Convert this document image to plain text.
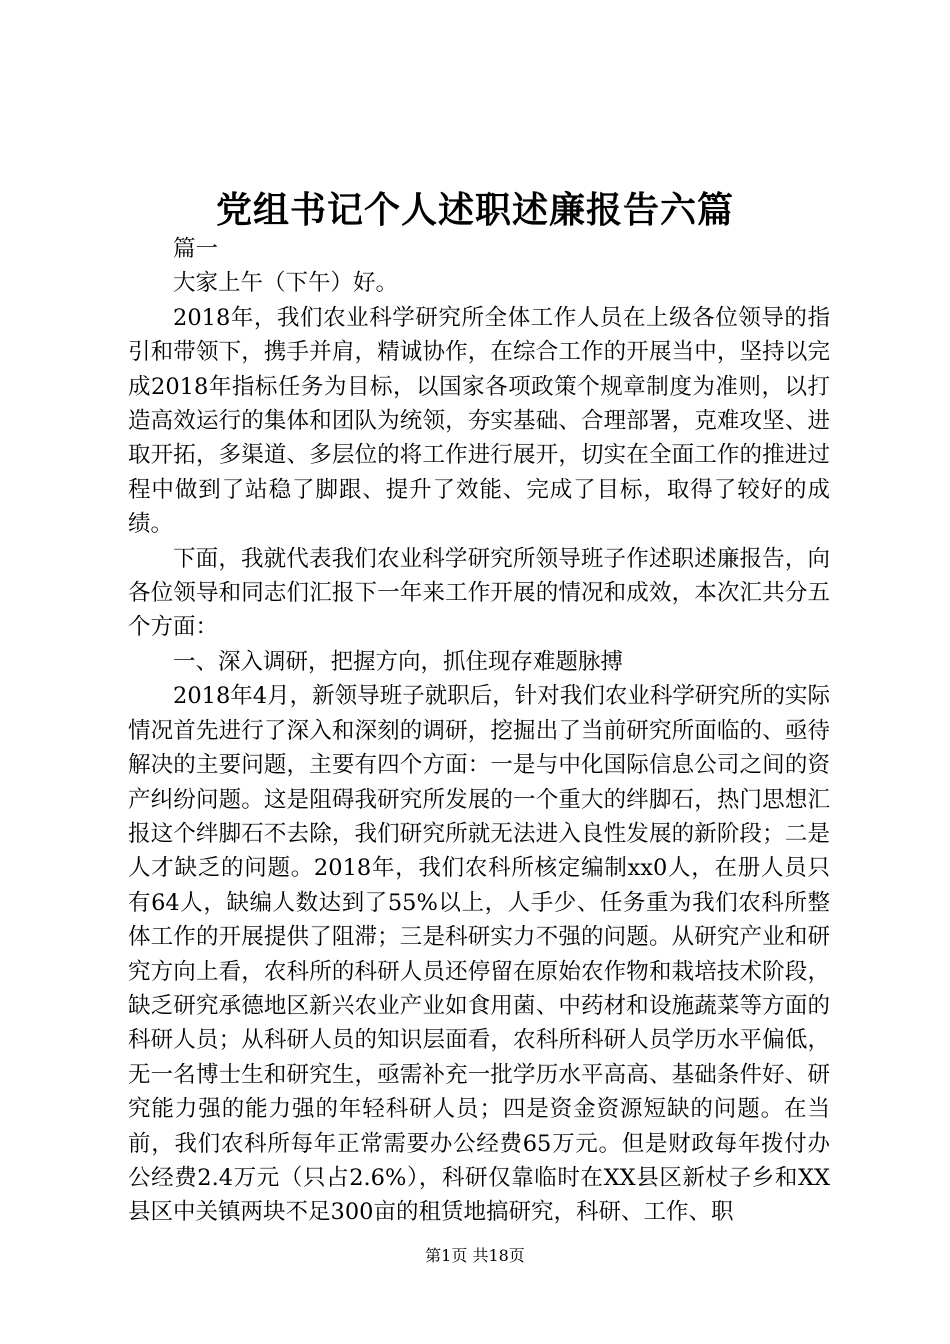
党组书记个人述职述廉报告六篇

篇一

大家上午（下午）好。

2018年，我们农业科学研究所全体工作人员在上级各位领导的指引和带领下，携手并肩，精诚协作，在综合工作的开展当中，坚持以完成2018年指标任务为目标，以国家各项政策个规章制度为准则，以打造高效运行的集体和团队为统领，夯实基础、合理部署，克难攻坚、进取开拓，多渠道、多层位的将工作进行展开，切实在全面工作的推进过程中做到了站稳了脚跟、提升了效能、完成了目标，取得了较好的成绩。

下面，我就代表我们农业科学研究所领导班子作述职述廉报告，向各位领导和同志们汇报下一年来工作开展的情况和成效，本次汇共分五个方面：

一、深入调研，把握方向，抓住现存难题脉搏

2018年4月，新领导班子就职后，针对我们农业科学研究所的实际情况首先进行了深入和深刻的调研，挖掘出了当前研究所面临的、亟待解决的主要问题，主要有四个方面：一是与中化国际信息公司之间的资产纠纷问题。这是阻碍我研究所发展的一个重大的绊脚石，热门思想汇报这个绊脚石不去除，我们研究所就无法进入良性发展的新阶段；二是人才缺乏的问题。2018年，我们农科所核定编制xx0人，在册人员只有64人，缺编人数达到了55%以上，人手少、任务重为我们农科所整体工作的开展提供了阻滞；三是科研实力不强的问题。从研究产业和研究方向上看，农科所的科研人员还停留在原始农作物和栽培技术阶段，缺乏研究承德地区新兴农业产业如食用菌、中药材和设施蔬菜等方面的科研人员；从科研人员的知识层面看，农科所科研人员学历水平偏低，无一名博士生和研究生，亟需补充一批学历水平高高、基础条件好、研究能力强的能力强的年轻科研人员；四是资金资源短缺的问题。在当前，我们农科所每年正常需要办公经费65万元。但是财政每年拨付办公经费2.4万元（只占2.6%），科研仅靠临时在XX县区新杖子乡和XX县区中关镇两块不足300亩的租赁地搞研究，科研、工作、职

第1页 共18页
